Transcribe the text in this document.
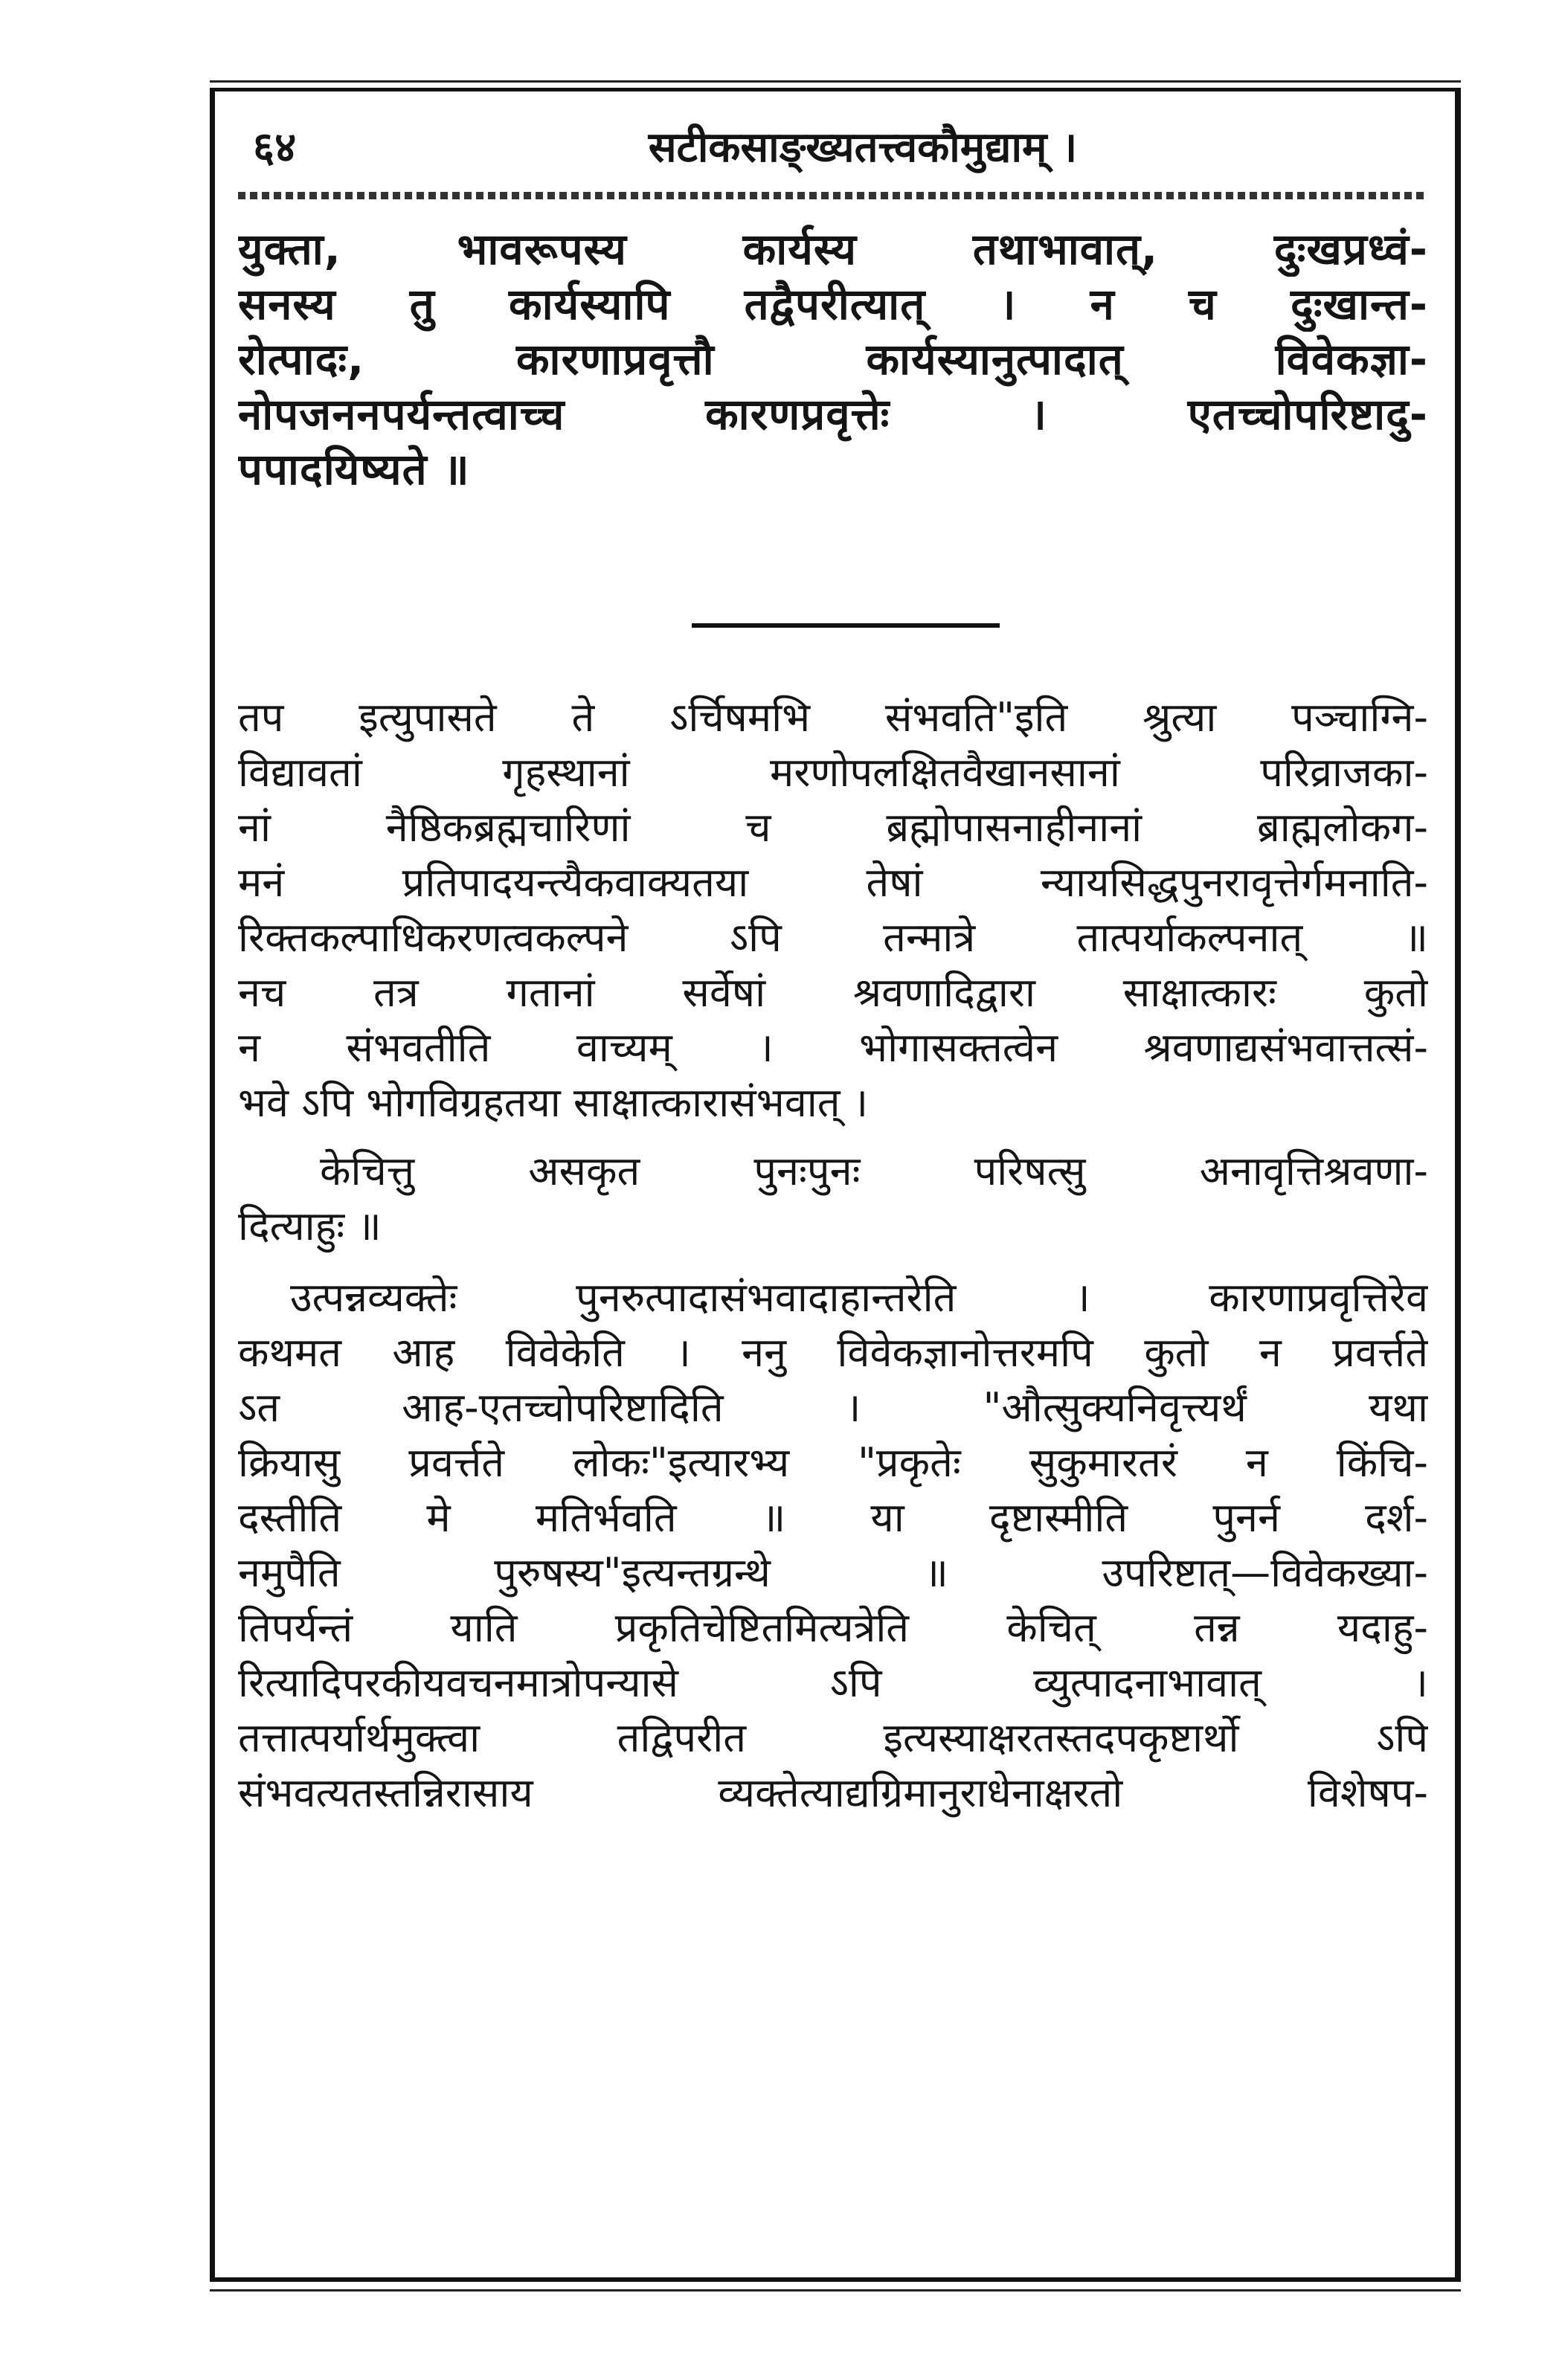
६४	सटीकसाङ्ख्यतत्त्वकौमुद्याम् ।
युक्ता, भावरूपस्य कार्यस्य तथाभावात्, दुःखप्रध्वं-
सनस्य तु कार्यस्यापि तद्वैपरीत्यात् । न च दुःखान्त-
रोत्पादः, कारणाप्रवृत्तौ कार्यस्यानुत्पादात् विवेकज्ञा-
नोपजननपर्यन्तत्वाच्च कारणप्रवृत्तेः । एतच्चोपरिष्टादु-
पपादयिष्यते ॥
तप इत्युपासते ते ऽर्चिषमभि संभवति"इति श्रुत्या पञ्चाग्नि-
विद्यावतां गृहस्थानां मरणोपलक्षितवैखानसानां परिव्राजका-
नां नैष्ठिकब्रह्मचारिणां च ब्रह्मोपासनाहीनानां ब्राह्मलोकग-
मनं प्रतिपादयन्त्यैकवाक्यतया तेषां न्यायसिद्धपुनरावृत्तेर्गमनाति-
रिक्तकल्पाधिकरणत्वकल्पने ऽपि तन्मात्रे तात्पर्याकल्पनात् ॥
नच तत्र गतानां सर्वेषां श्रवणादिद्वारा साक्षात्कारः कुतो
न संभवतीति वाच्यम् । भोगासक्तत्वेन श्रवणाद्यसंभवात्तत्सं-
भवे ऽपि भोगविग्रहतया साक्षात्कारासंभवात् ।
केचित्तु असकृत पुनःपुनः परिषत्सु अनावृत्तिश्रवणा-
दित्याहुः ॥
उत्पन्नव्यक्तेः पुनरुत्पादासंभवादाहान्तरेति । कारणाप्रवृत्तिरेव
कथमत आह विवेकेति । ननु विवेकज्ञानोत्तरमपि कुतो न प्रवर्त्तते
ऽत आह-एतच्चोपरिष्टादिति । "औत्सुक्यनिवृत्त्यर्थं यथा
क्रियासु प्रवर्त्तते लोकः"इत्यारभ्य "प्रकृतेः सुकुमारतरं न किंचि-
दस्तीति मे मतिर्भवति ॥ या दृष्टास्मीति पुनर्न दर्श-
नमुपैति पुरुषस्य"इत्यन्तग्रन्थे ॥ उपरिष्टात्—विवेकख्या-
तिपर्यन्तं याति प्रकृतिचेष्टितमित्यत्रेति केचित् तन्न यदाहु-
रित्यादिपरकीयवचनमात्रोपन्यासे ऽपि व्युत्पादनाभावात् ।
तत्तात्पर्यार्थमुक्त्वा तद्विपरीत इत्यस्याक्षरतस्तदपकृष्टार्थो ऽपि
संभवत्यतस्तन्निरासाय व्यक्तेत्याद्यग्रिमानुराधेनाक्षरतो विशेषप-
